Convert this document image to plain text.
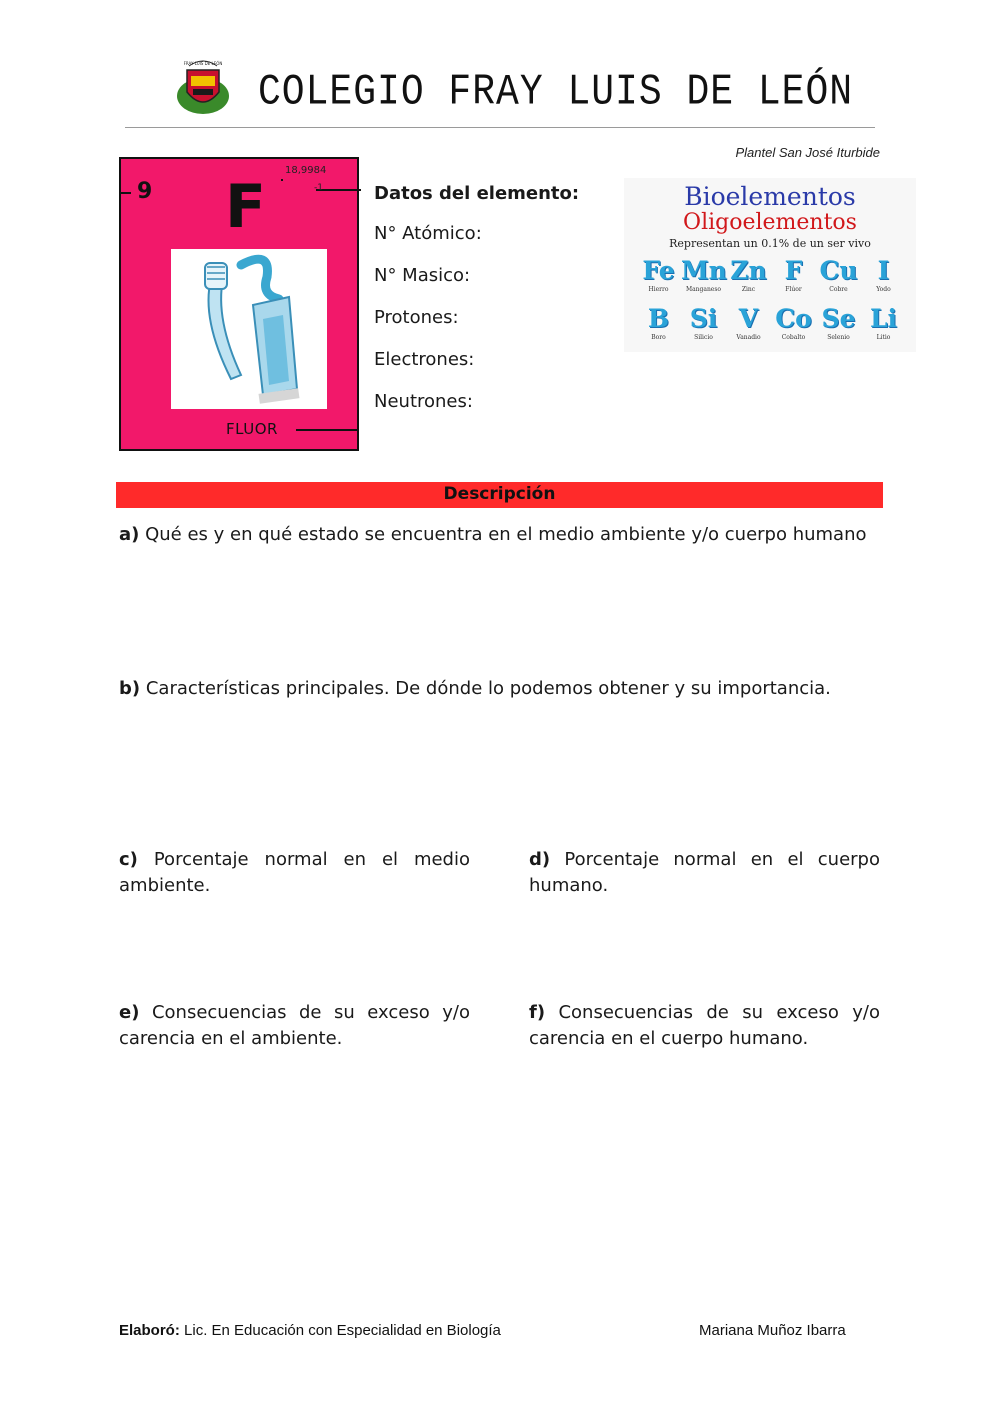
FRAY LUIS DE LEÓN
COLEGIO FRAY LUIS DE LEÓN
Plantel San José Iturbide
9 F
18,9984
-1
FLUOR
Datos del elemento:
N° Atómico:
N° Masico:
Protones:
Electrones:
Neutrones:
Bioelementos
Oligoelementos
Representan un 0.1% de un ser vivo
Fe
Hierro
Mn
Manganeso
Zn
Zinc
F
Flúor
Cu
Cobre
I
Yodo
B
Boro
Si
Silicio
V
Vanadio
Co
Cobalto
Se
Selenio
Li
Litio
Descripción
a) Qué es y en qué estado se encuentra en el medio ambiente y/o cuerpo humano
b) Características principales. De dónde lo podemos obtener y su importancia.
c) Porcentaje normal en el medio ambiente.
d) Porcentaje normal en el cuerpo humano.
e) Consecuencias de su exceso y/o carencia en el ambiente.
f) Consecuencias de su exceso y/o carencia en el cuerpo humano.
Elaboró: Lic. En Educación con Especialidad en Biología	Mariana Muñoz Ibarra
